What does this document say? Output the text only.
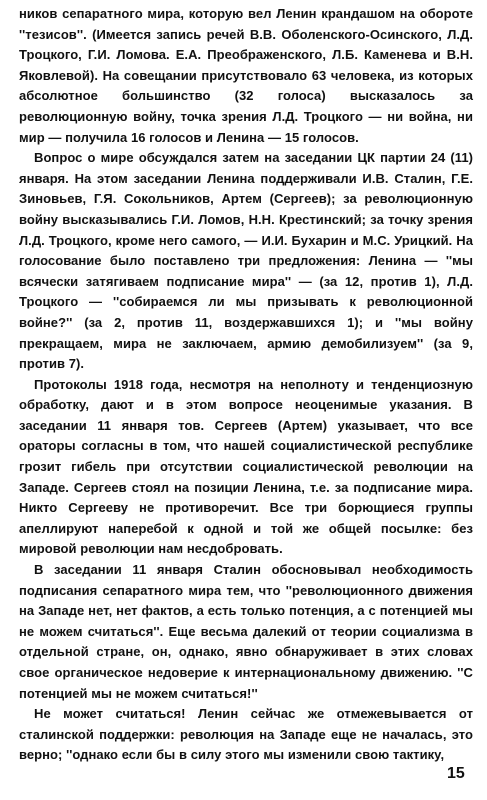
ников сепаратного мира, которую вел Ленин крандашом на обороте ''тезисов''. (Имеется запись речей В.В. Оболенского-Осинского, Л.Д. Троцкого, Г.И. Ломова. Е.А. Преображенского, Л.Б. Каменева и В.Н. Яковлевой). На совещании присутствовало 63 человека, из которых абсолютное большинство (32 голоса) высказалось за революционную войну, точка зрения Л.Д. Троцкого — ни война, ни мир — получила 16 голосов и Ленина — 15 голосов.

Вопрос о мире обсуждался затем на заседании ЦК партии 24 (11) января. На этом заседании Ленина поддерживали И.В. Сталин, Г.Е. Зиновьев, Г.Я. Сокольников, Артем (Сергеев); за революционную войну высказывались Г.И. Ломов, Н.Н. Крестинский; за точку зрения Л.Д. Троцкого, кроме него самого, — И.И. Бухарин и М.С. Урицкий. На голосование было поставлено три предложения: Ленина — ''мы всячески затягиваем подписание мира'' — (за 12, против 1), Л.Д. Троцкого — ''собираемся ли мы призывать к революционной войне?'' (за 2, против 11, воздержавшихся 1); и ''мы войну прекращаем, мира не заключаем, армию демобилизуем'' (за 9, против 7).

Протоколы 1918 года, несмотря на неполноту и тенденциозную обработку, дают и в этом вопросе неоценимые указания. В заседании 11 января тов. Сергеев (Артем) указывает, что все ораторы согласны в том, что нашей социалистической республике грозит гибель при отсутствии социалистической революции на Западе. Сергеев стоял на позиции Ленина, т.е. за подписание мира. Никто Сергееву не противоречит. Все три борющиеся группы апеллируют наперебой к одной и той же общей посылке: без мировой революции нам несдобровать.

В заседании 11 января Сталин обосновывал необходимость подписания сепаратного мира тем, что ''революционного движения на Западе нет, нет фактов, а есть только потенция, а с потенцией мы не можем считаться''. Еще весьма далекий от теории социализма в отдельной стране, он, однако, явно обнаруживает в этих словах свое органическое недоверие к интернациональному движению. ''С потенцией мы не можем считаться!''

Не может считаться! Ленин сейчас же отмежевывается от сталинской поддержки: революция на Западе еще не началась, это верно; ''однако если бы в силу этого мы изменили свою тактику,

15
